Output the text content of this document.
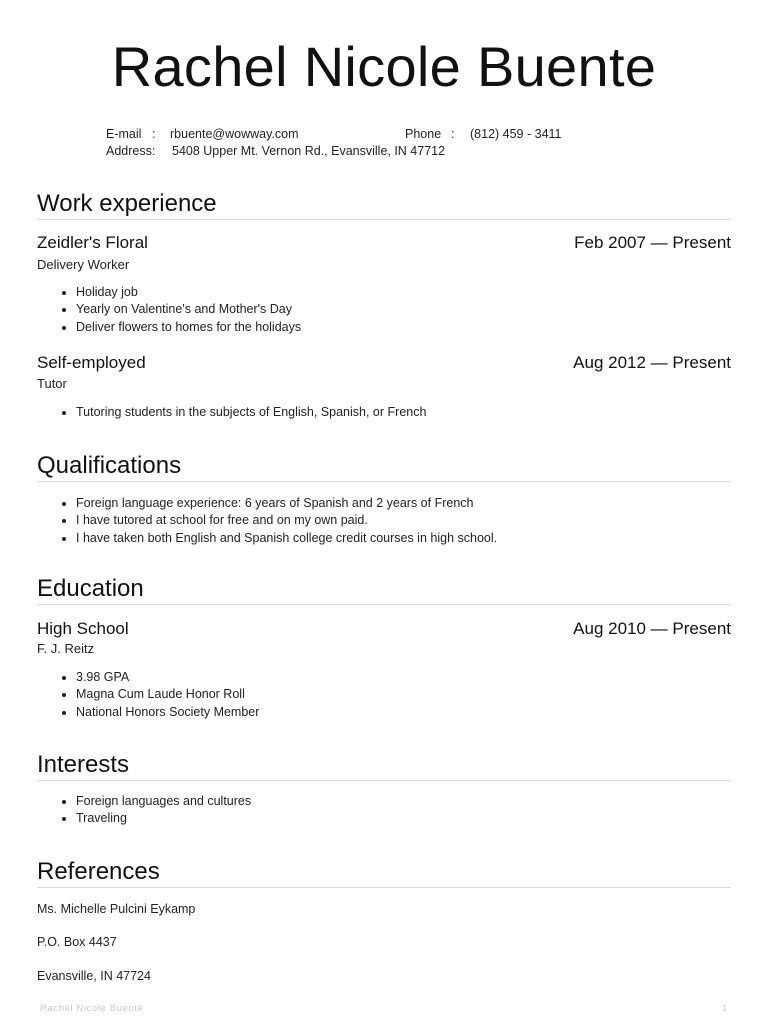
Rachel Nicole Buente
E-mail : rbuente@wowway.com	Phone : (812) 459 - 3411
Address: 5408 Upper Mt. Vernon Rd., Evansville, IN 47712
Work experience
Zeidler's Floral	Feb 2007 — Present
Delivery Worker
Holiday job
Yearly on Valentine's and Mother's Day
Deliver flowers to homes for the holidays
Self-employed	Aug 2012 — Present
Tutor
Tutoring students in the subjects of English, Spanish, or French
Qualifications
Foreign language experience: 6 years of Spanish and 2 years of French
I have tutored at school for free and on my own paid.
I have taken both English and Spanish college credit courses in high school.
Education
High School	Aug 2010 — Present
F. J. Reitz
3.98 GPA
Magna Cum Laude Honor Roll
National Honors Society Member
Interests
Foreign languages and cultures
Traveling
References
Ms. Michelle Pulcini Eykamp
P.O. Box 4437
Evansville, IN 47724
Rachel Nicole Buente	1
